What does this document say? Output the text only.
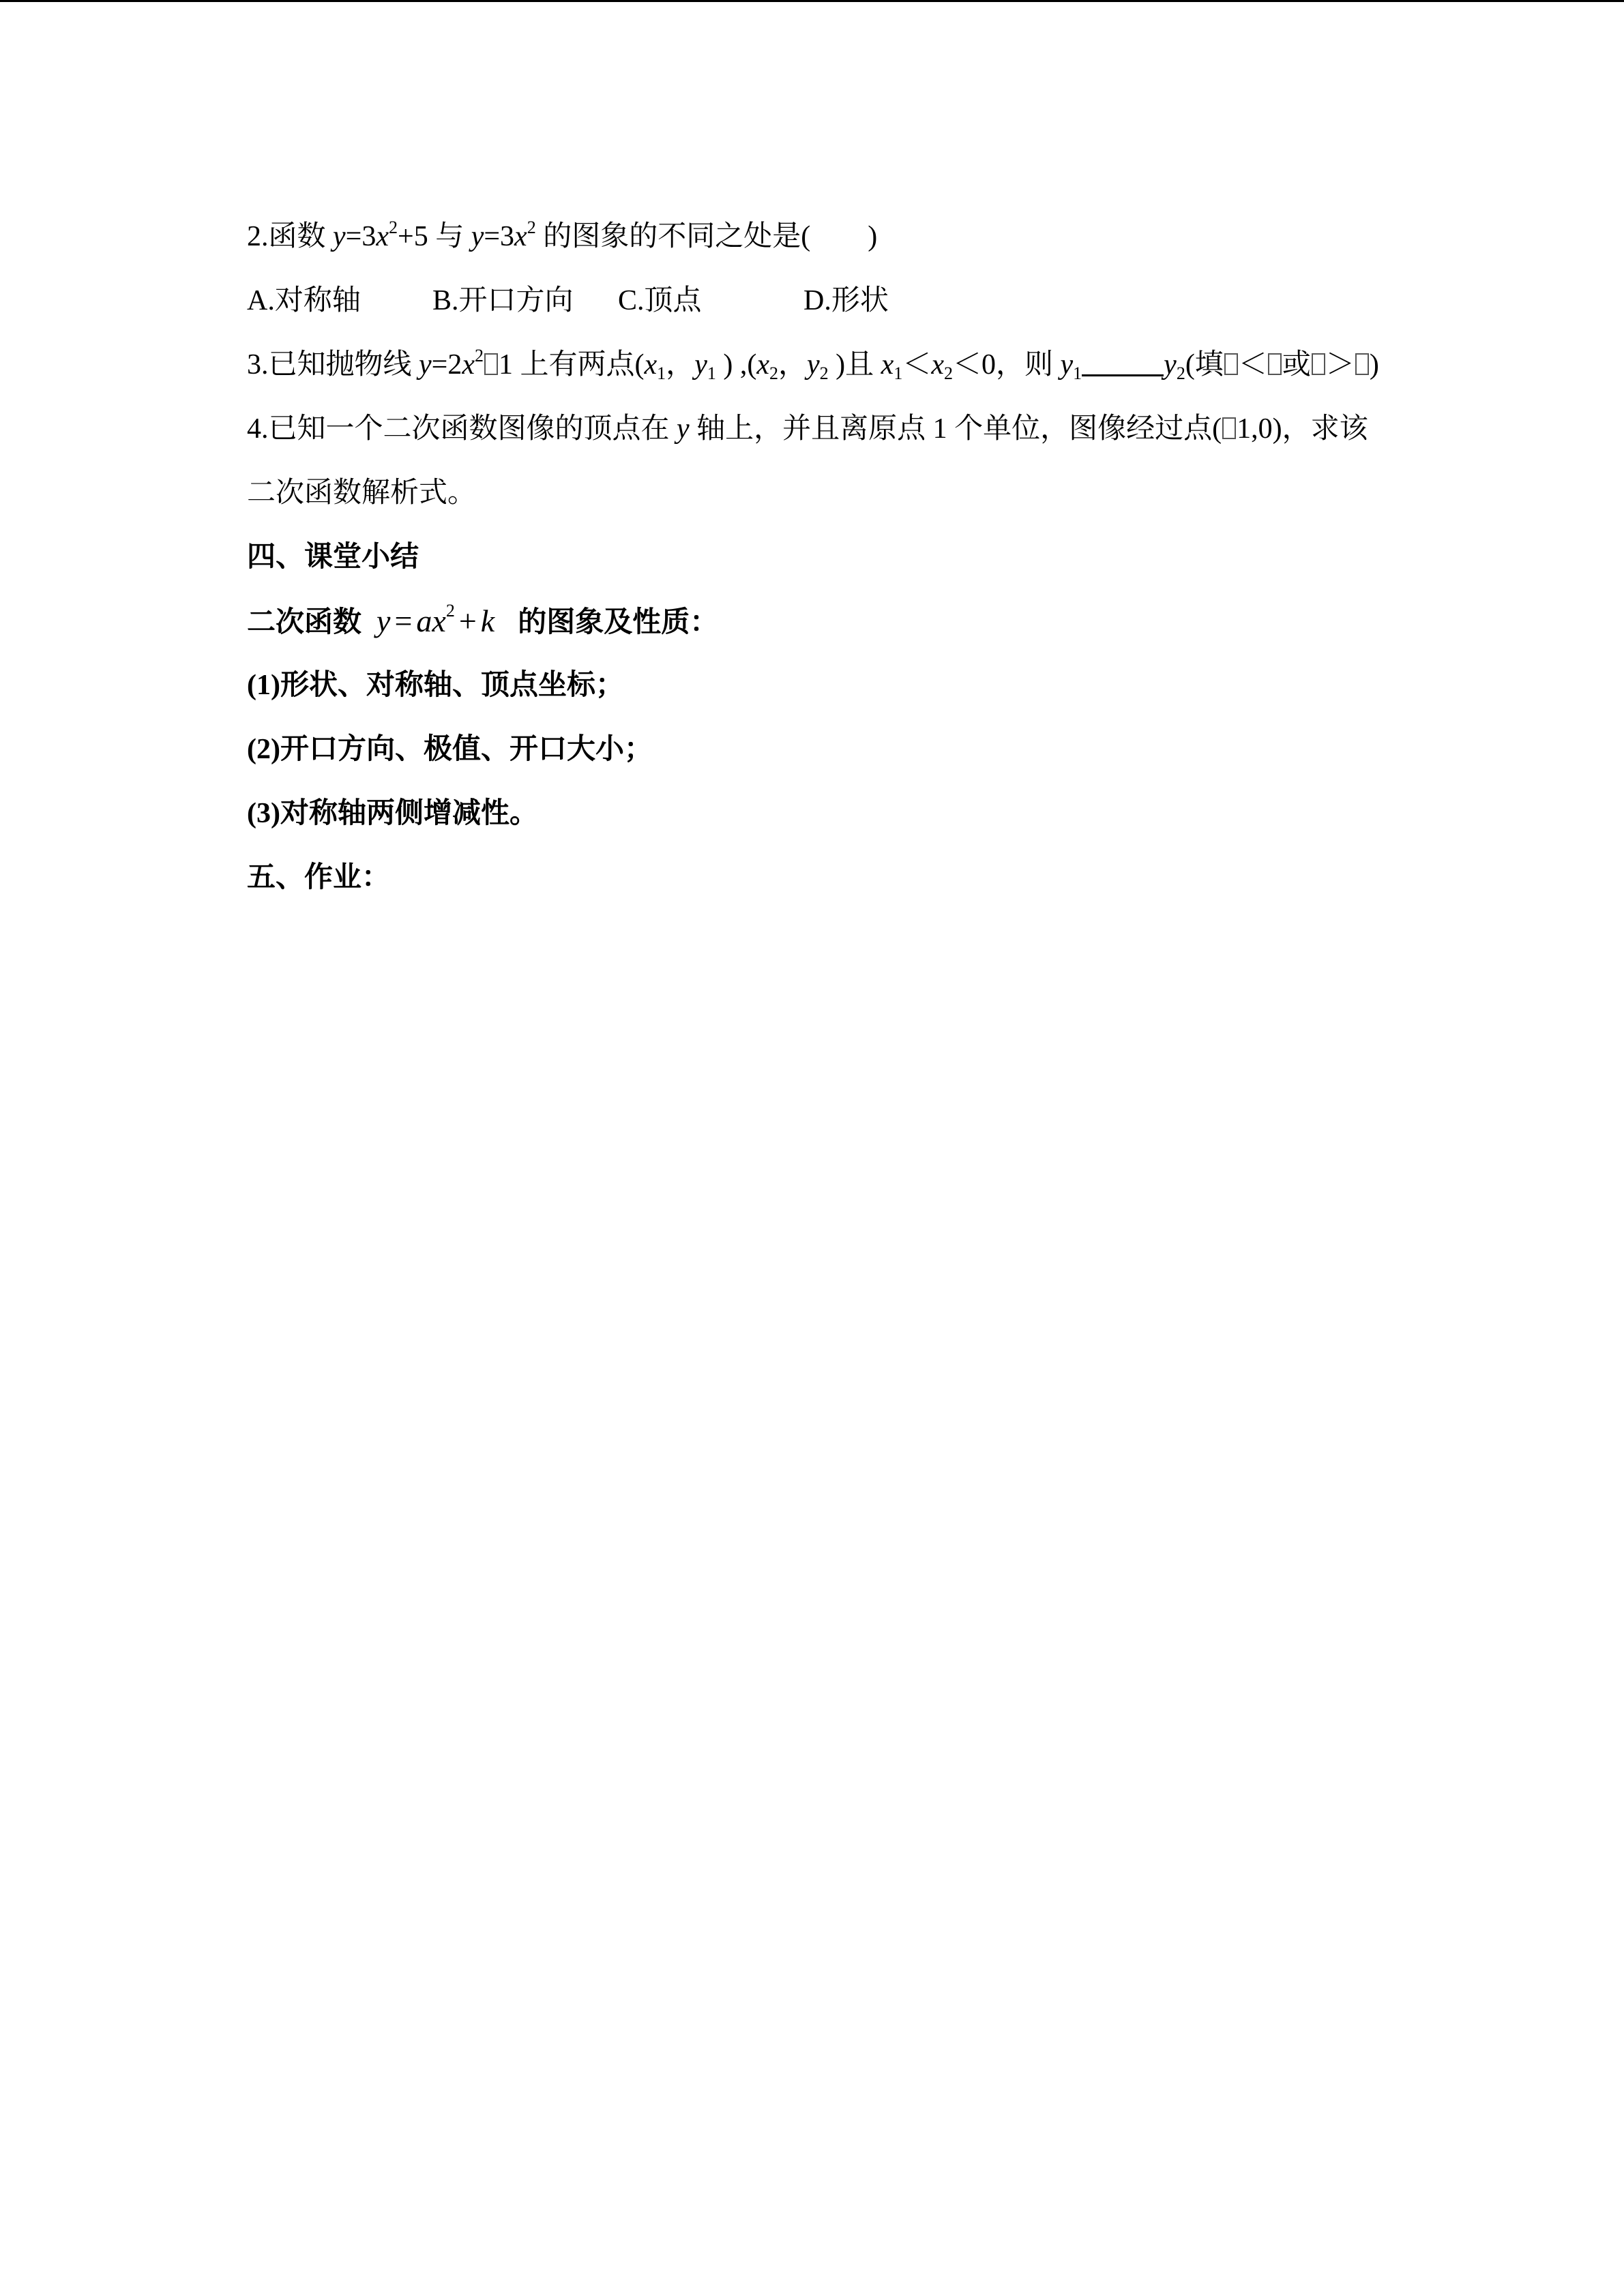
2.函数 $y=3x^2+5$ 与 $y=3x^2$ 的图象的不同之处是(　　)
A.对称轴	B.开口方向 C.顶点	D.形状
3.已知抛物线 $y=2x^2$ 1 上有两点($x_1$，$y_1$ ) $,(x_2$，$y_2$ )且 $x_1<x_2<0$，则 $y_1$	$y_2$(填 ＜ 或 ＞ )
4.已知一个二次函数图像的顶点在 y 轴上，并且离原点 1 个单位，图像经过点( 1,0)，求该
二次函数解析式。
四、课堂小结
二次函数 $y = ax^2 + k$ 的图象及性质：
(1)形状、对称轴、顶点坐标；
(2)开口方向、极值、开口大小；
(3)对称轴两侧增减性。
五、作业：
